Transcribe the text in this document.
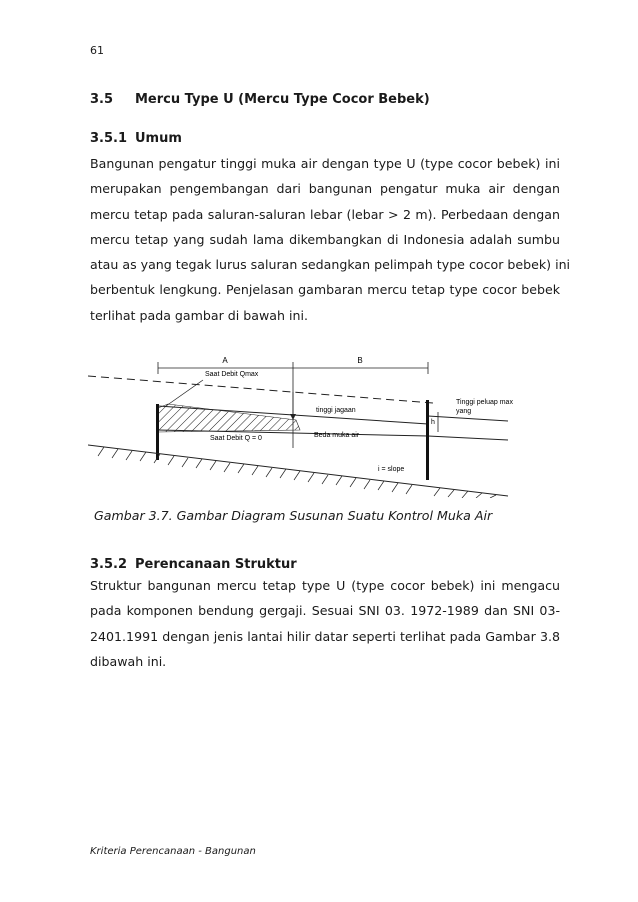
61
3.5 Mercu Type U (Mercu Type Cocor Bebek)
3.5.1 Umum

Bangunan pengatur tinggi muka air dengan type U (type cocor bebek) ini
merupakan pengembangan dari bangunan pengatur muka air dengan
mercu tetap pada saluran-saluran lebar (lebar > 2 m). Perbedaan dengan
mercu tetap yang sudah lama dikembangkan di Indonesia adalah sumbu
atau as yang tegak lurus saluran sedangkan pelimpah type cocor bebek) ini
berbentuk lengkung. Penjelasan gambaran mercu tetap type cocor bebek
terlihat pada gambar di bawah ini.

A	B
Saat Debit Qmax
Saat Debit Q = 0
tinggi jagaan
Beda muka air
Tinggi peluap max
yang
h
i = slope
Gambar 3.7. Gambar Diagram Susunan Suatu Kontrol Muka Air
3.5.2 Perencanaan Struktur

Struktur bangunan mercu tetap type U (type cocor bebek) ini mengacu
pada komponen bendung gergaji. Sesuai SNI 03. 1972-1989 dan SNI 03-
2401.1991 dengan jenis lantai hilir datar seperti terlihat pada Gambar 3.8
dibawah ini.

Kriteria Perencanaan - Bangunan
